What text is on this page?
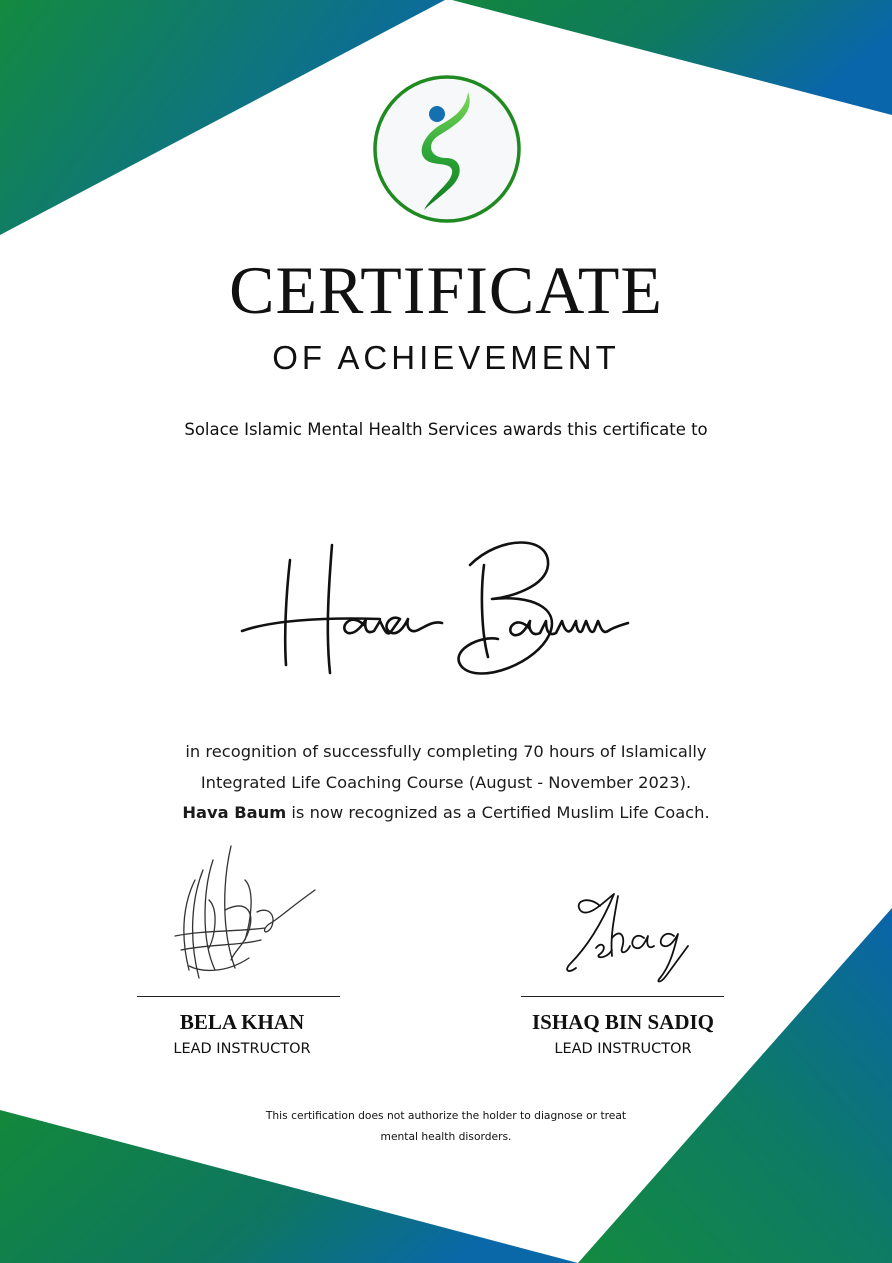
CERTIFICATE
OF ACHIEVEMENT
Solace Islamic Mental Health Services awards this certificate to
in recognition of successfully completing 70 hours of Islamically
Integrated Life Coaching Course (August - November 2023).
Hava Baum is now recognized as a Certified Muslim Life Coach.
BELA KHAN
LEAD INSTRUCTOR
ISHAQ BIN SADIQ
LEAD INSTRUCTOR
This certification does not authorize the holder to diagnose or treat
mental health disorders.
